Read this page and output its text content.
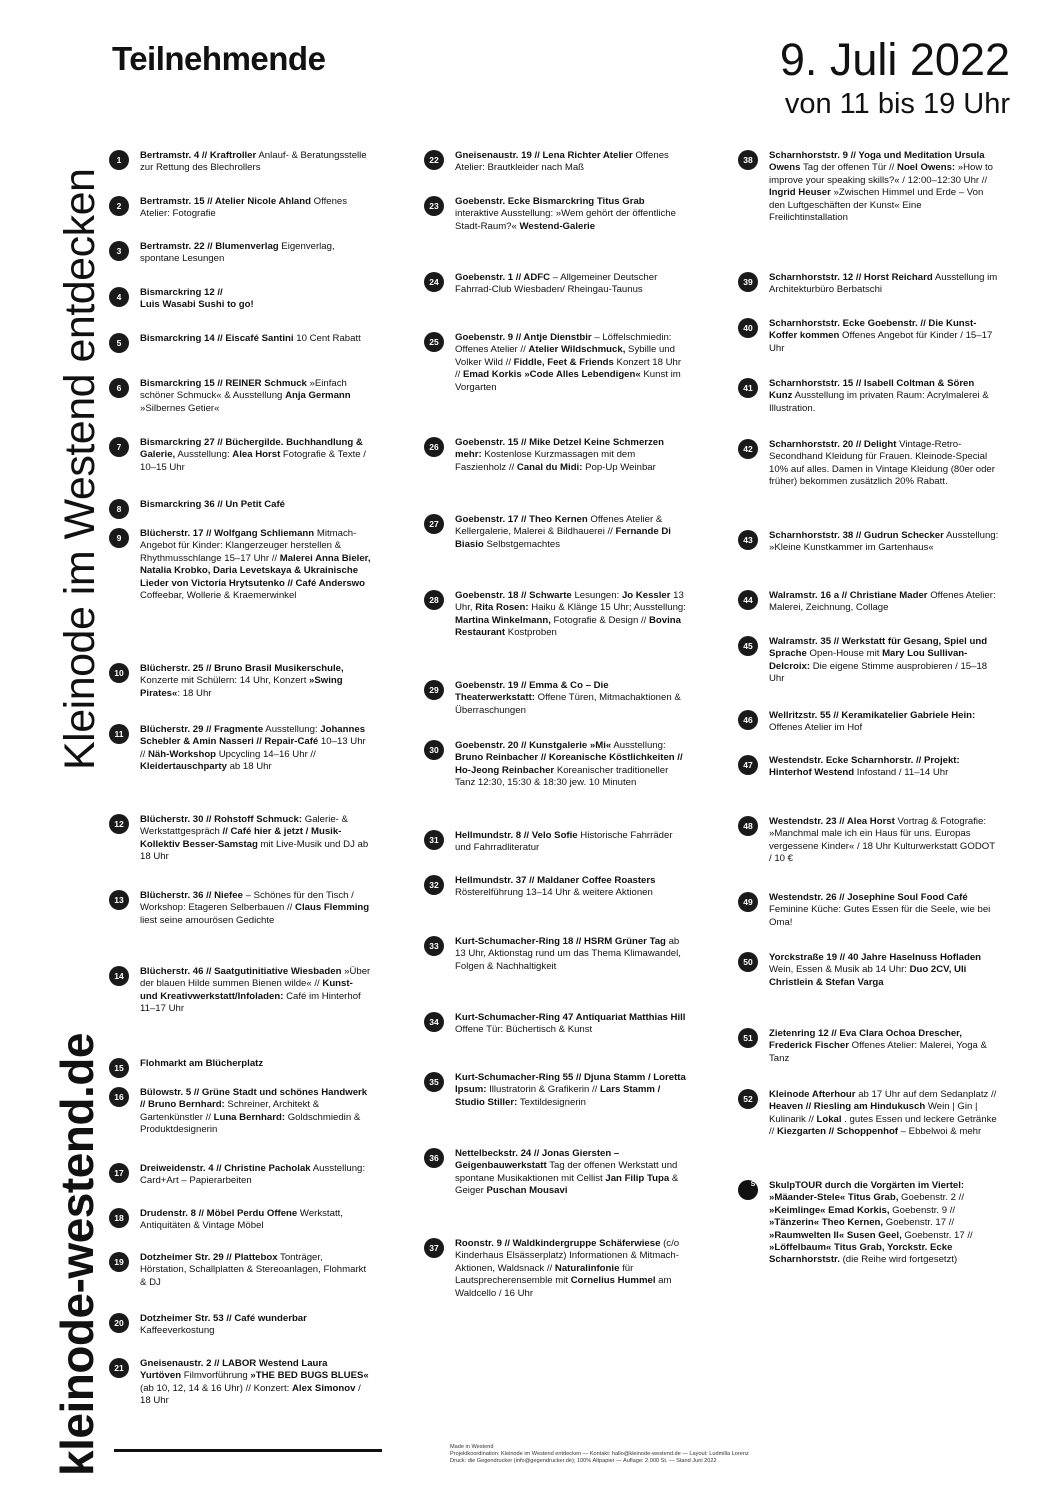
Kleinode im Westend entdecken
kleinode-westend.de
Teilnehmende	9. Juli 2022

von 11 bis 19 Uhr

1	Bertramstr. 4 // Kraftroller Anlauf- & Beratungsstelle zur Rettung des Blechrollers
2	Bertramstr. 15 // Atelier Nicole Ahland Offenes Atelier: Fotografie
3	Bertramstr. 22 // Blumenverlag Eigenverlag, spontane Lesungen
4	Bismarckring 12 //
Luis Wasabi Sushi to go!
5	Bismarckring 14 // Eiscafé Santini 10 Cent Rabatt
6	Bismarckring 15 // REINER Schmuck »Einfach schöner Schmuck« & Ausstellung Anja Germann »Silbernes Getier«
7	Bismarckring 27 // Büchergilde. Buchhandlung & Galerie, Ausstellung: Alea Horst Fotografie & Texte / 10–15 Uhr
8	Bismarckring 36 // Un Petit Café
9	Blücherstr. 17 // Wolfgang Schliemann Mitmach-Angebot für Kinder: Klangerzeuger herstellen & Rhythmusschlange 15–17 Uhr // Malerei Anna Bieler, Natalia Krobko, Daria Levetskaya & Ukrainische Lieder von Victoria Hrytsutenko // Café Anderswo Coffeebar, Wollerie & Kraemerwinkel
10	Blücherstr. 25 // Bruno Brasil Musikerschule, Konzerte mit Schülern: 14 Uhr, Konzert »Swing Pirates«: 18 Uhr
11	Blücherstr. 29 // Fragmente Ausstellung: Johannes Schebler & Amin Nasseri // Repair-Café 10–13 Uhr // Näh-Workshop Upcycling 14–16 Uhr // Kleidertauschparty ab 18 Uhr
12	Blücherstr. 30 // Rohstoff Schmuck: Galerie- & Werkstattgespräch // Café hier & jetzt / Musik-Kollektiv Besser-Samstag mit Live-Musik und DJ ab 18 Uhr
13	Blücherstr. 36 // Niefee – Schönes für den Tisch / Workshop: Etageren Selberbauen // Claus Flemming liest seine amourösen Gedichte
14	Blücherstr. 46 // Saatgutinitiative Wiesbaden »Über der blauen Hilde summen Bienen wilde« // Kunst- und Kreativwerkstatt/Infoladen: Café im Hinterhof 11–17 Uhr
15	Flohmarkt am Blücherplatz
16	Bülowstr. 5 // Grüne Stadt und schönes Handwerk // Bruno Bernhard: Schreiner, Architekt & Gartenkünstler // Luna Bernhard: Goldschmiedin & Produktdesignerin
17	Dreiweidenstr. 4 // Christine Pacholak Ausstellung: Card+Art – Papierarbeiten
18	Drudenstr. 8 // Möbel Perdu Offene Werkstatt, Antiquitäten & Vintage Möbel
19	Dotzheimer Str. 29 // Plattebox Tonträger, Hörstation, Schallplatten & Stereoanlagen, Flohmarkt & DJ
20	Dotzheimer Str. 53 // Café wunderbar Kaffeeverkostung
21	Gneisenaustr. 2 // LABOR Westend Laura Yurtöven Filmvorführung »THE BED BUGS BLUES« (ab 10, 12, 14 & 16 Uhr) // Konzert: Alex Simonov / 18 Uhr
22	Gneisenaustr. 19 // Lena Richter Atelier Offenes Atelier: Brautkleider nach Maß
23	Goebenstr. Ecke Bismarckring Titus Grab interaktive Ausstellung: »Wem gehört der öffentliche Stadt-Raum?« Westend-Galerie
24	Goebenstr. 1 // ADFC – Allgemeiner Deutscher Fahrrad-Club Wiesbaden/ Rheingau-Taunus
25	Goebenstr. 9 // Antje Dienstbir – Löffelschmiedin: Offenes Atelier // Atelier Wildschmuck, Sybille und Volker Wild // Fiddle, Feet & Friends Konzert 18 Uhr // Emad Korkis »Code Alles Lebendigen« Kunst im Vorgarten
26	Goebenstr. 15 // Mike Detzel Keine Schmerzen mehr: Kostenlose Kurzmassagen mit dem Faszienholz // Canal du Midi: Pop-Up Weinbar
27	Goebenstr. 17 // Theo Kernen Offenes Atelier & Kellergalerie, Malerei & Bildhauerei // Fernande Di Biasio Selbstgemachtes
28	Goebenstr. 18 // Schwarte Lesungen: Jo Kessler 13 Uhr, Rita Rosen: Haiku & Klänge 15 Uhr; Ausstellung: Martina Winkelmann, Fotografie & Design // Bovina Restaurant Kostproben
29	Goebenstr. 19 // Emma & Co – Die Theaterwerkstatt: Offene Türen, Mitmachaktionen & Überraschungen
30	Goebenstr. 20 // Kunstgalerie »Mi« Ausstellung: Bruno Reinbacher // Koreanische Köstlichkeiten // Ho-Jeong Reinbacher Koreanischer traditioneller Tanz 12:30, 15:30 & 18:30 jew. 10 Minuten
31	Hellmundstr. 8 // Velo Sofie Historische Fahrräder und Fahrradliteratur
32	Hellmundstr. 37 // Maldaner Coffee Roasters Rösterelführung 13–14 Uhr & weitere Aktionen
33	Kurt-Schumacher-Ring 18 // HSRM Grüner Tag ab 13 Uhr, Aktionstag rund um das Thema Klimawandel, Folgen & Nachhaltigkeit
34	Kurt-Schumacher-Ring 47 Antiquariat Matthias Hill Offene Tür: Büchertisch & Kunst
35	Kurt-Schumacher-Ring 55 // Djuna Stamm / Loretta Ipsum: Illustratorin & Grafikerin // Lars Stamm / Studio Stiller: Textildesignerin
36	Nettelbeckstr. 24 // Jonas Giersten – Geigenbauwerkstatt Tag der offenen Werkstatt und spontane Musikaktionen mit Cellist Jan Filip Tupa & Geiger Puschan Mousavi
37	Roonstr. 9 // Waldkindergruppe Schäferwiese (c/o Kinderhaus Elsässerplatz) Informationen & Mitmach-Aktionen, Waldsnack // Naturalinfonie für Lautsprecherensemble mit Cornelius Hummel am Waldcello / 16 Uhr
38	Scharnhorststr. 9 // Yoga und Meditation Ursula Owens Tag der offenen Tür // Noel Owens: »How to improve your speaking skills?« / 12:00–12:30 Uhr // Ingrid Heuser »Zwischen Himmel und Erde – Von den Luftgeschäften der Kunst« Eine Freilichtinstallation
39	Scharnhorststr. 12 // Horst Reichard Ausstellung im Architekturbüro Berbatschi
40	Scharnhorststr. Ecke Goebenstr. // Die Kunst-Koffer kommen Offenes Angebot für Kinder / 15–17 Uhr
41	Scharnhorststr. 15 // Isabell Coltman & Sören Kunz Ausstellung im privaten Raum: Acrylmalerei & Illustration.
42	Scharnhorststr. 20 // Delight Vintage-Retro-Secondhand Kleidung für Frauen. Kleinode-Special 10% auf alles. Damen in Vintage Kleidung (80er oder früher) bekommen zusätzlich 20% Rabatt.
43	Scharnhorststr. 38 // Gudrun Schecker Ausstellung: »Kleine Kunstkammer im Gartenhaus«
44	Walramstr. 16 a // Christiane Mader Offenes Atelier: Malerei, Zeichnung, Collage
45	Walramstr. 35 // Werkstatt für Gesang, Spiel und Sprache Open-House mit Mary Lou Sullivan-Delcroix: Die eigene Stimme ausprobieren / 15–18 Uhr
46	Wellritzstr. 55 // Keramikatelier Gabriele Hein: Offenes Atelier im Hof
47	Westendstr. Ecke Scharnhorstr. // Projekt: Hinterhof Westend Infostand / 11–14 Uhr
48	Westendstr. 23 // Alea Horst Vortrag & Fotografie: »Manchmal male ich ein Haus für uns. Europas vergessene Kinder« / 18 Uhr Kulturwerkstatt GODOT / 10 €
49	Westendstr. 26 // Josephine Soul Food Café Feminine Küche: Gutes Essen für die Seele, wie bei Oma!
50	Yorckstraße 19 // 40 Jahre Haselnuss Hofladen Wein, Essen & Musik ab 14 Uhr: Duo 2CV, Uli Christlein & Stefan Varga
51	Zietenring 12 // Eva Clara Ochoa Drescher, Frederick Fischer Offenes Atelier: Malerei, Yoga & Tanz
52	Kleinode Afterhour ab 17 Uhr auf dem Sedanplatz // Heaven // Riesling am Hindukusch Wein | Gin | Kulinarik // Lokal . gutes Essen und leckere Getränke // Kiezgarten // Schoppenhof – Ebbelwoi & mehr
S SkulpTOUR durch die Vorgärten im Viertel: »Mäander-Stele« Titus Grab, Goebenstr. 2 // »Keimlinge« Emad Korkis, Goebenstr. 9 // »Tänzerin« Theo Kernen, Goebenstr. 17 // »Raumwelten II« Susen Geel, Goebenstr. 17 // »Löffelbaum« Titus Grab, Yorckstr. Ecke Scharnhorststr. (die Reihe wird fortgesetzt)
Made in Westend
Projektkoordination: Kleinode im Westend entdecken — Kontakt: hallo@kleinode-westend.de — Layout: Ludmilla Lorenz
Druck: die Gegendrucker (info@gegendrucker.de); 100% Altpapier — Auflage: 2.000 St. — Stand Juni 2022
